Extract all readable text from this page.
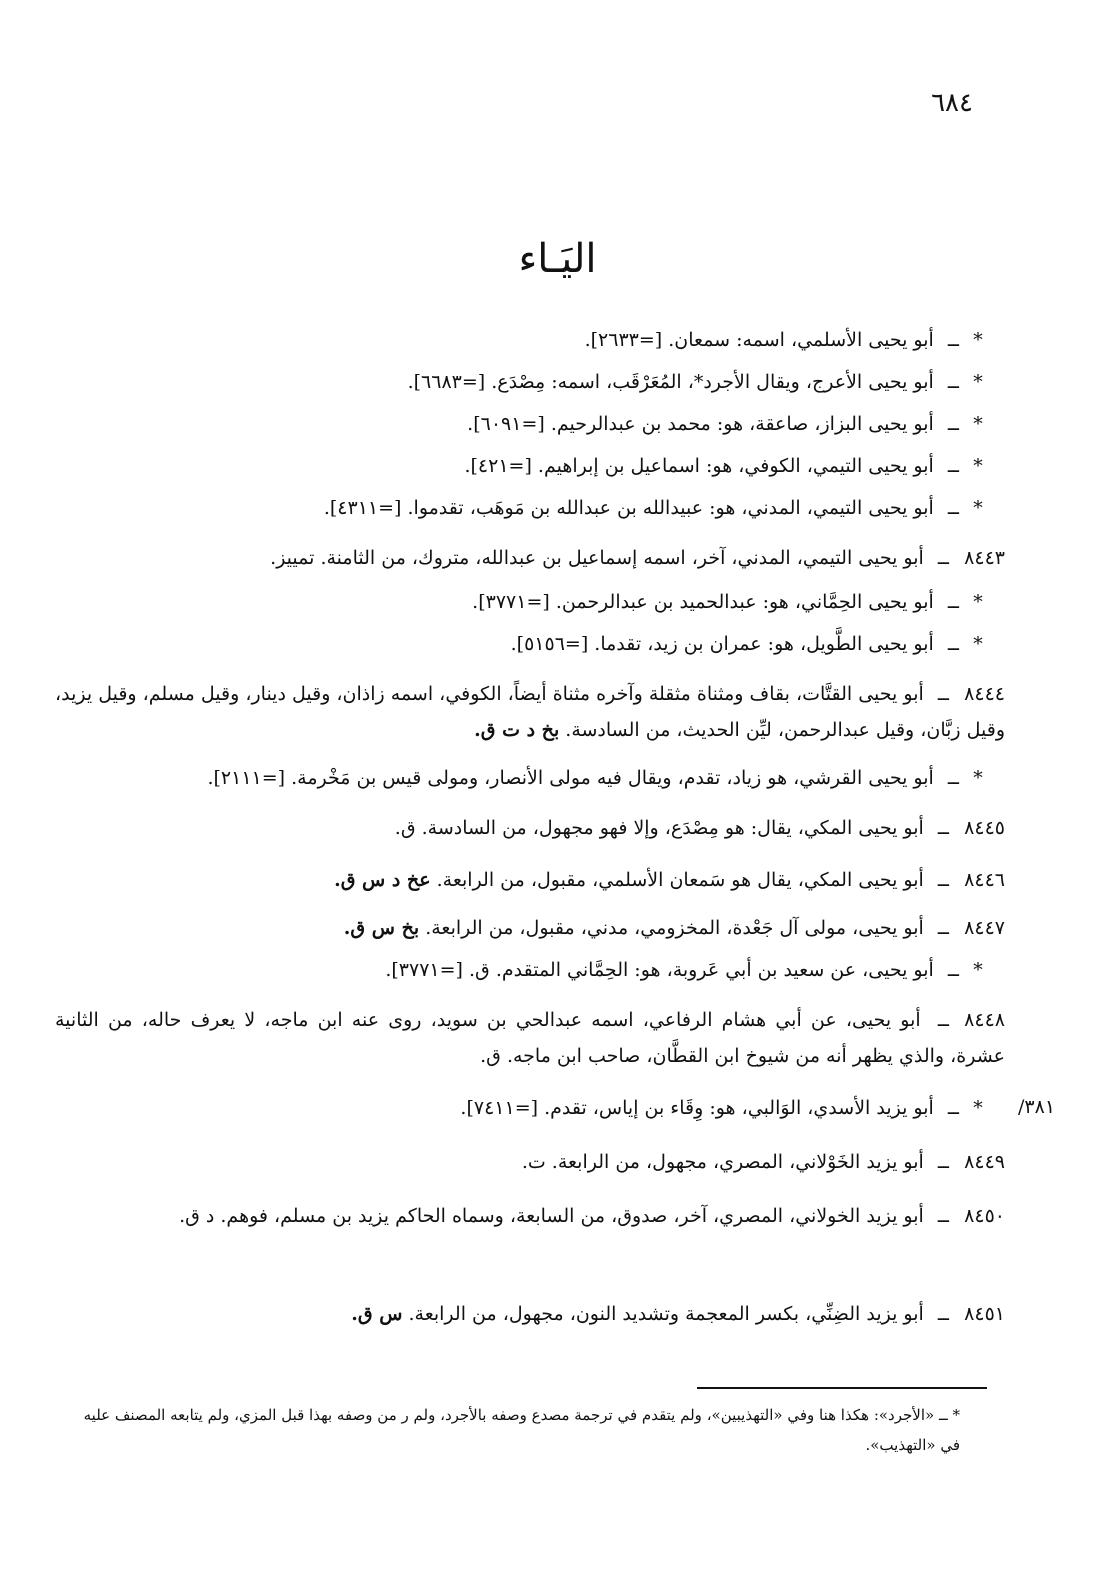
٦٨٤
اليَـاء
٣٨١/
*ــ أبو يحيى الأسلمي، اسمه: سمعان. [=٢٦٣٣].
*ــ أبو يحيى الأعرج، ويقال الأجرد*، المُعَرْقَب، اسمه: مِصْدَع. [=٦٦٨٣].
*ــ أبو يحيى البزاز، صاعقة، هو: محمد بن عبدالرحيم. [=٦٠٩١].
*ــ أبو يحيى التيمي، الكوفي، هو: اسماعيل بن إبراهيم. [=٤٢١].
*ــ أبو يحيى التيمي، المدني، هو: عبيدالله بن عبدالله بن مَوهَب، تقدموا. [=٤٣١١].
٨٤٤٣ــ أبو يحيى التيمي، المدني، آخر، اسمه إسماعيل بن عبدالله، متروك، من الثامنة. تمييز.
*ــ أبو يحيى الحِمَّاني، هو: عبدالحميد بن عبدالرحمن. [=٣٧٧١].
*ــ أبو يحيى الطَّويل، هو: عمران بن زيد، تقدما. [=٥١٥٦].
٨٤٤٤ــ أبو يحيى القتَّات، بقاف ومثناة مثقلة وآخره مثناة أيضاً، الكوفي، اسمه زاذان، وقيل دينار، وقيل مسلم، وقيل يزيد، وقيل زبَّان، وقيل عبدالرحمن، ليِّن الحديث، من السادسة. بخ د ت ق.
*ــ أبو يحيى القرشي، هو زياد، تقدم، ويقال فيه مولى الأنصار، ومولى قيس بن مَخْرمة. [=٢١١١].
٨٤٤٥ــ أبو يحيى المكي، يقال: هو مِصْدَع، وإلا فهو مجهول، من السادسة. ق.
٨٤٤٦ــ أبو يحيى المكي، يقال هو سَمعان الأسلمي، مقبول، من الرابعة. عخ د س ق.
٨٤٤٧ــ أبو يحيى، مولى آل جَعْدة، المخزومي، مدني، مقبول، من الرابعة. بخ س ق.
*ــ أبو يحيى، عن سعيد بن أبي عَروبة، هو: الحِمَّاني المتقدم. ق. [=٣٧٧١].
٨٤٤٨ــ أبو يحيى، عن أبي هشام الرفاعي، اسمه عبدالحي بن سويد، روى عنه ابن ماجه، لا يعرف حاله، من الثانية عشرة، والذي يظهر أنه من شيوخ ابن القطَّان، صاحب ابن ماجه. ق.
*ــ أبو يزيد الأسدي، الوَالبي، هو: وِقَاء بن إياس، تقدم. [=٧٤١١].
٨٤٤٩ــ أبو يزيد الخَوْلاني، المصري، مجهول، من الرابعة. ت.
٨٤٥٠ــ أبو يزيد الخولاني، المصري، آخر، صدوق، من السابعة، وسماه الحاكم يزيد بن مسلم، فوهم. د ق.
٨٤٥١ــ أبو يزيد الضِنِّي، بكسر المعجمة وتشديد النون، مجهول، من الرابعة. س ق.
* ــ «الأجرد»: هكذا هنا وفي «التهذيبين»، ولم يتقدم في ترجمة مصدع وصفه بالأجرد، ولم ر من وصفه بهذا قبل المزي، ولم يتابعه المصنف عليه في «التهذيب».
